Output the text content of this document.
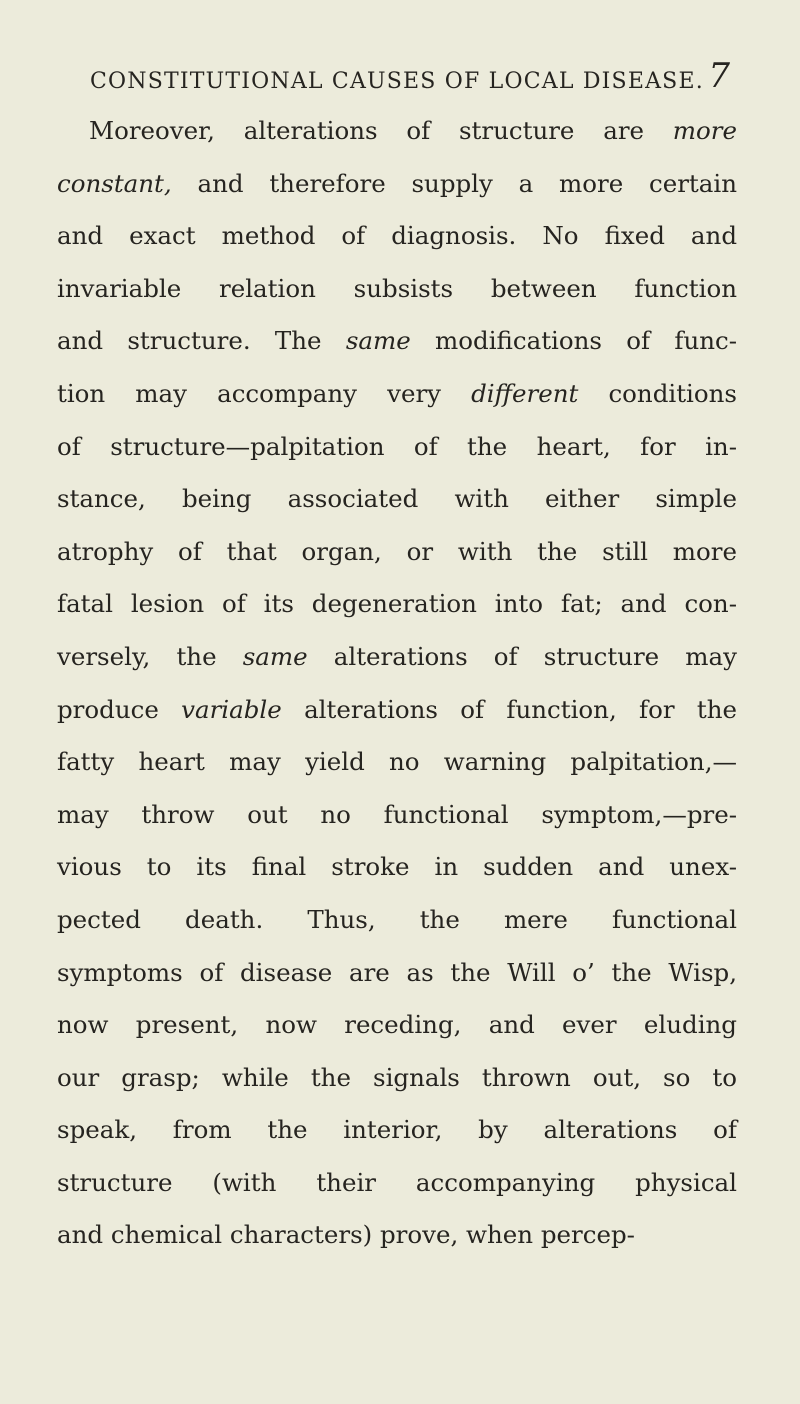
CONSTITUTIONAL CAUSES OF LOCAL DISEASE. 7
Moreover, alterations of structure are more
constant, and therefore supply a more certain
and exact method of diagnosis. No fixed and
invariable relation subsists between function
and structure. The same modifications of func-
tion may accompany very different conditions
of structure—palpitation of the heart, for in-
stance, being associated with either simple
atrophy of that organ, or with the still more
fatal lesion of its degeneration into fat; and con-
versely, the same alterations of structure may
produce variable alterations of function, for the
fatty heart may yield no warning palpitation,—
may throw out no functional symptom,—pre-
vious to its final stroke in sudden and unex-
pected death. Thus, the mere functional
symptoms of disease are as the Will o’ the Wisp,
now present, now receding, and ever eluding
our grasp; while the signals thrown out, so to
speak, from the interior, by alterations of
structure (with their accompanying physical
and chemical characters) prove, when percep-
